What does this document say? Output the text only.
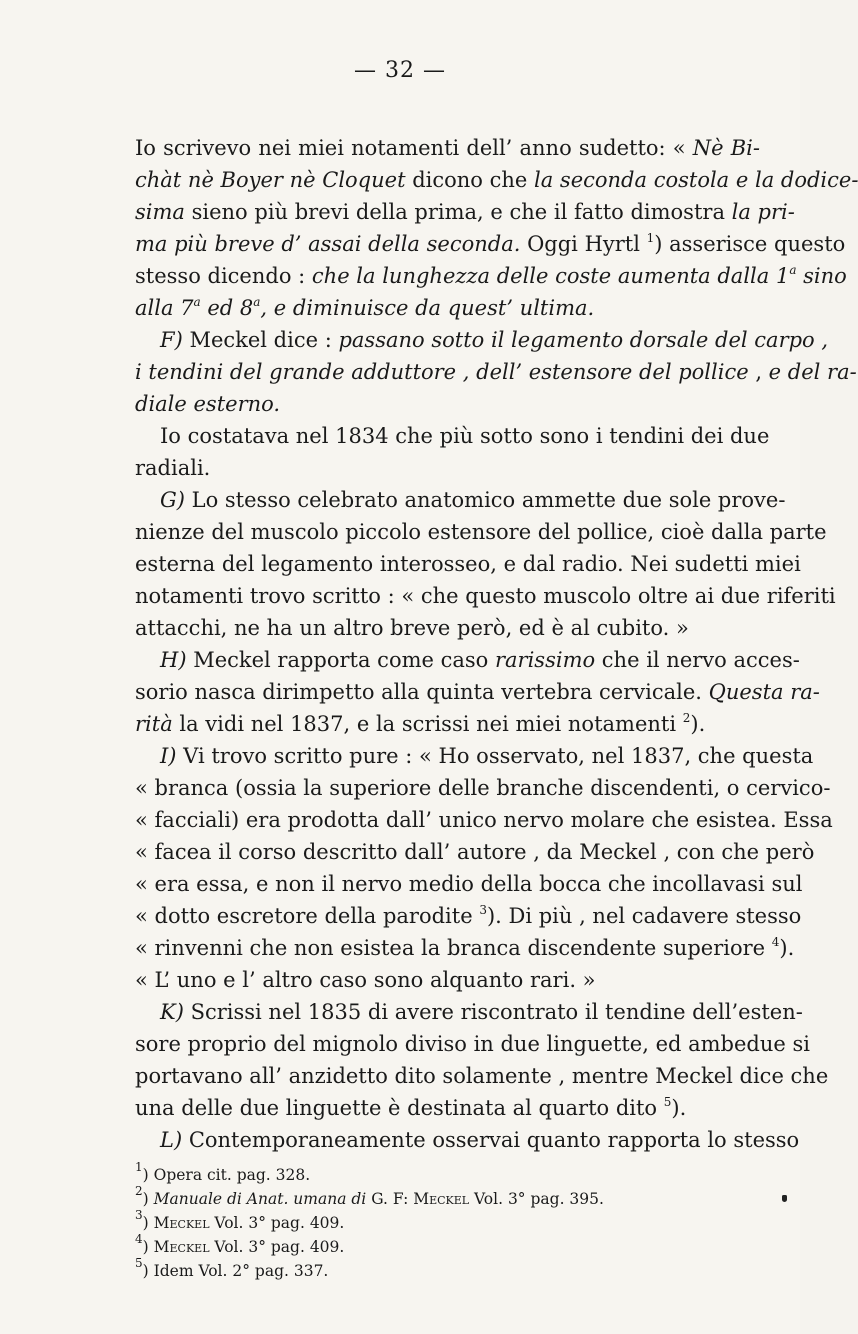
— 32 —
Io scrivevo nei miei notamenti dell’ anno sudetto: « Nè Bi-
chàt nè Boyer nè Cloquet dicono che la seconda costola e la dodice-
sima sieno più brevi della prima, e che il fatto dimostra la pri-
ma più breve d’ assai della seconda. Oggi Hyrtl $^1$) asserisce questo
stesso dicendo : che la lunghezza delle coste aumenta dalla 1$^a$ sino
alla 7$^a$ ed 8$^a$, e diminuisce da quest’ ultima.
F) Meckel dice : passano sotto il legamento dorsale del carpo ,
i tendini del grande adduttore , dell’ estensore del pollice , e del ra-
diale esterno.
Io costatava nel 1834 che più sotto sono i tendini dei due
radiali.
G) Lo stesso celebrato anatomico ammette due sole prove-
nienze del muscolo piccolo estensore del pollice, cioè dalla parte
esterna del legamento interosseo, e dal radio. Nei sudetti miei
notamenti trovo scritto : « che questo muscolo oltre ai due riferiti
attacchi, ne ha un altro breve però, ed è al cubito. »
H) Meckel rapporta come caso rarissimo che il nervo acces-
sorio nasca dirimpetto alla quinta vertebra cervicale. Questa ra-
rità la vidi nel 1837, e la scrissi nei miei notamenti $^2$).
I) Vi trovo scritto pure : « Ho osservato, nel 1837, che questa
« branca (ossia la superiore delle branche discendenti, o cervico-
« facciali) era prodotta dall’ unico nervo molare che esistea. Essa
« facea il corso descritto dall’ autore , da Meckel , con che però
« era essa, e non il nervo medio della bocca che incollavasi sul
« dotto escretore della parodite $^3$). Di più , nel cadavere stesso
« rinvenni che non esistea la branca discendente superiore $^4$).
« L’ uno e l’ altro caso sono alquanto rari. »
K) Scrissi nel 1835 di avere riscontrato il tendine dell’esten-
sore proprio del mignolo diviso in due linguette, ed ambedue si
portavano all’ anzidetto dito solamente , mentre Meckel dice che
una delle due linguette è destinata al quarto dito $^5$).
L) Contemporaneamente osservai quanto rapporta lo stesso
$^1$) Opera cit. pag. 328.
$^2$) Manuale di Anat. umana di G. F: Meckel Vol. 3° pag. 395.
$^3$) Meckel Vol. 3° pag. 409.
$^4$) Meckel Vol. 3° pag. 409.
$^5$) Idem Vol. 2° pag. 337.
